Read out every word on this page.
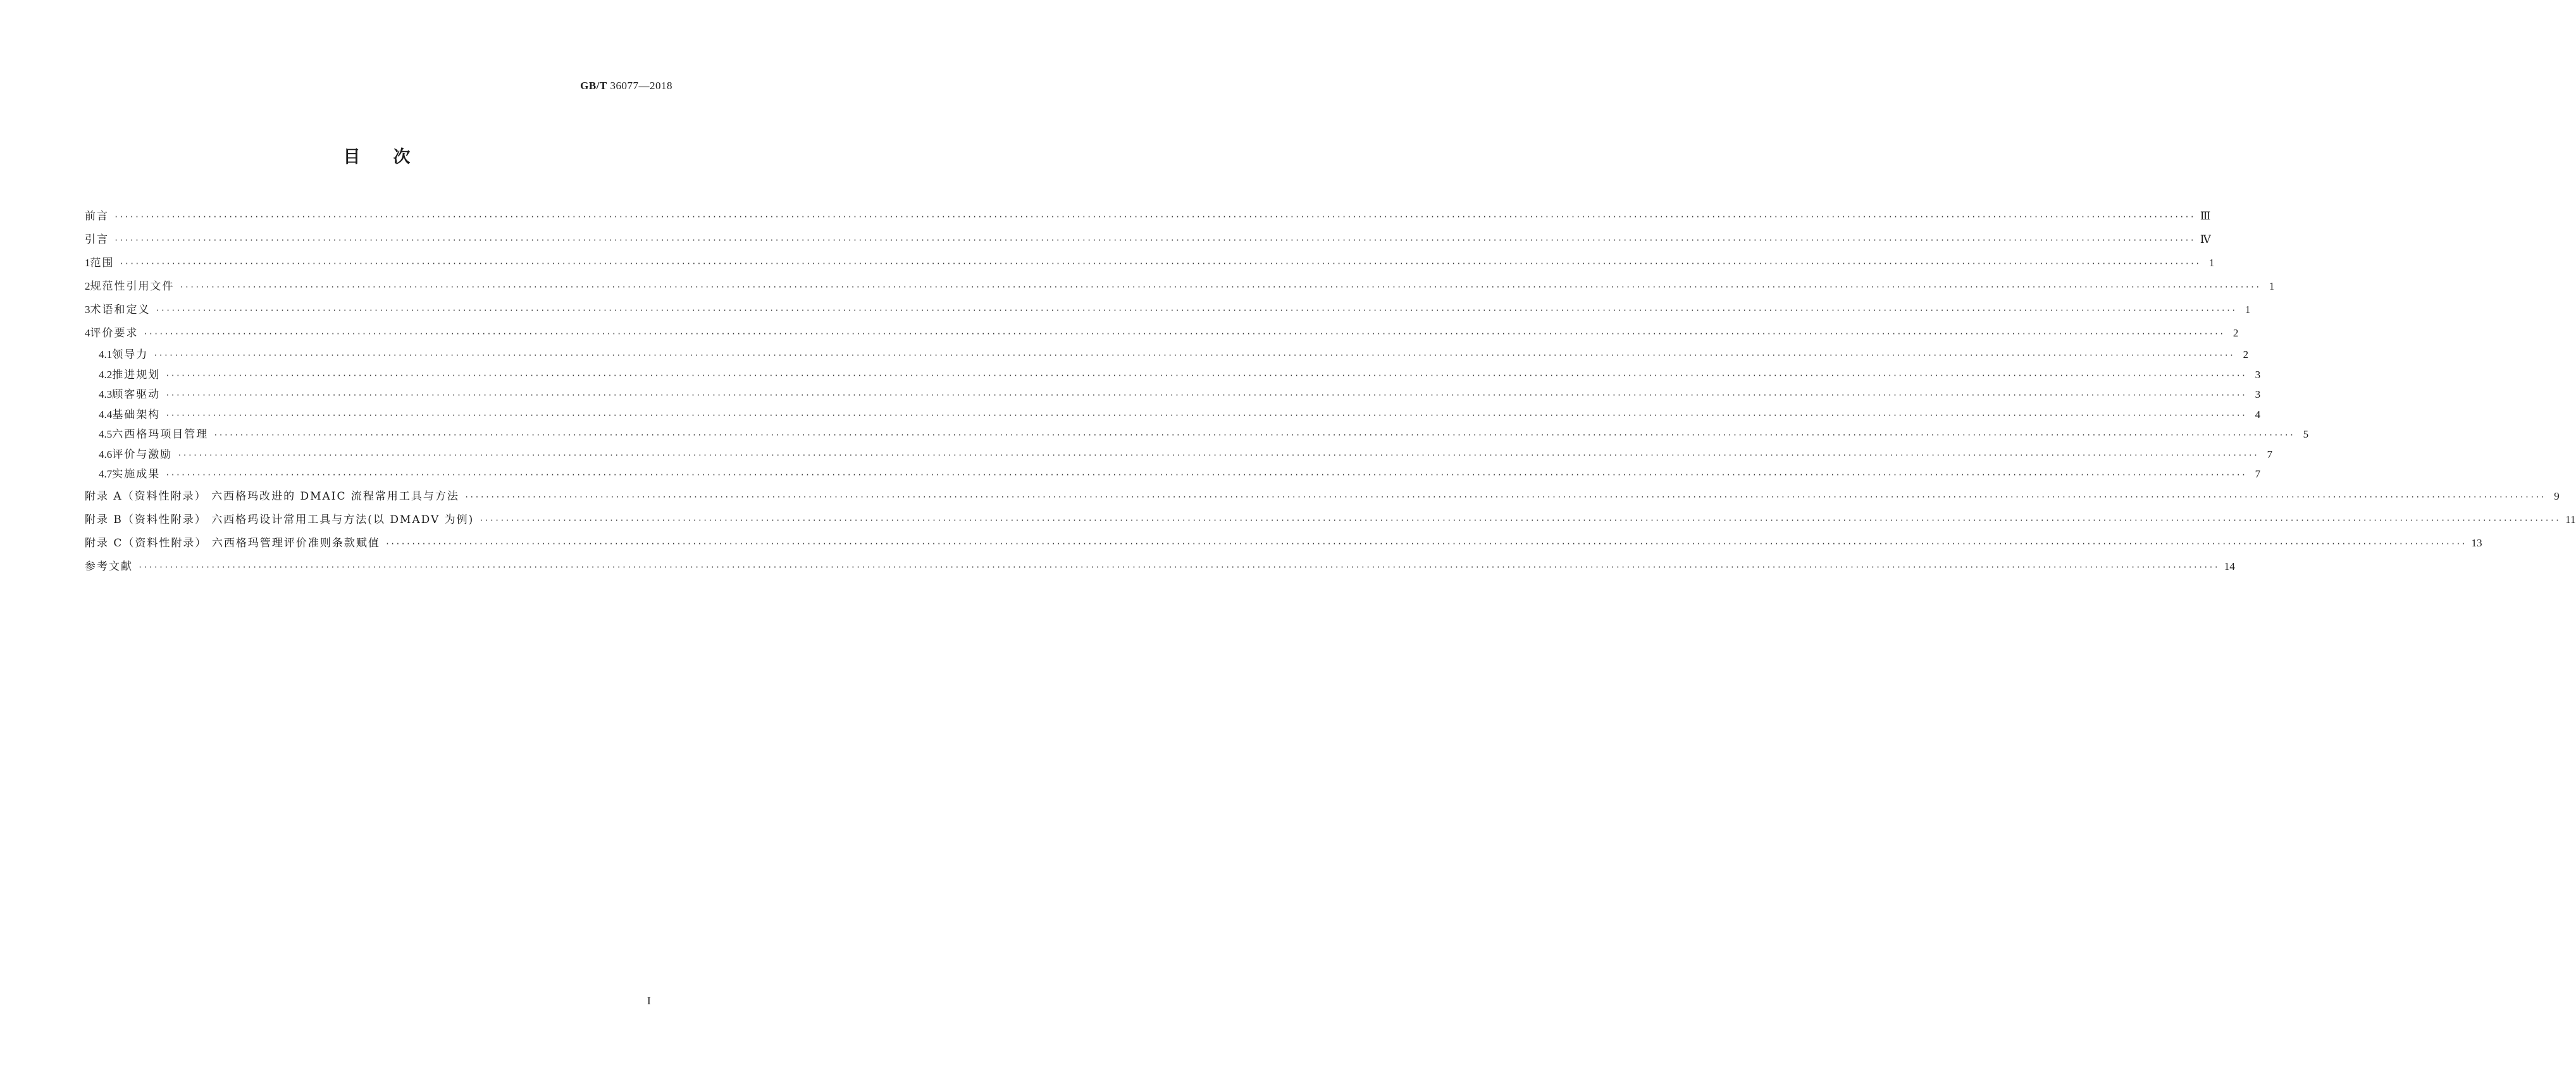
GB/T 36077—2018
目次
前言 ················································································································································································································································································································································································································ Ⅲ
引言 ················································································································································································································································································································································································································ Ⅳ
1 范围 ················································································································································································································································································································································································································ 1
2 规范性引用文件 ················································································································································································································································································································································································································ 1
3 术语和定义 ················································································································································································································································································································································································································ 1
4 评价要求 ················································································································································································································································································································································································································ 2
4.1 领导力 ················································································································································································································································································································································································································ 2
4.2 推进规划 ················································································································································································································································································································································································································ 3
4.3 顾客驱动 ················································································································································································································································································································································································································ 3
4.4 基础架构 ················································································································································································································································································································································································································ 4
4.5 六西格玛项目管理 ················································································································································································································································································································································································································ 5
4.6 评价与激励 ················································································································································································································································································································································································································ 7
4.7 实施成果 ················································································································································································································································································································································································································ 7
附录 A（资料性附录） 六西格玛改进的 DMAIC 流程常用工具与方法 ················································································································································································································································································································································································································ 9
附录 B（资料性附录） 六西格玛设计常用工具与方法(以 DMADV 为例) ················································································································································································································································································································································································································ 11
附录 C（资料性附录） 六西格玛管理评价准则条款赋值 ················································································································································································································································································································································································································ 13
参考文献 ················································································································································································································································································································································································································ 14
I
